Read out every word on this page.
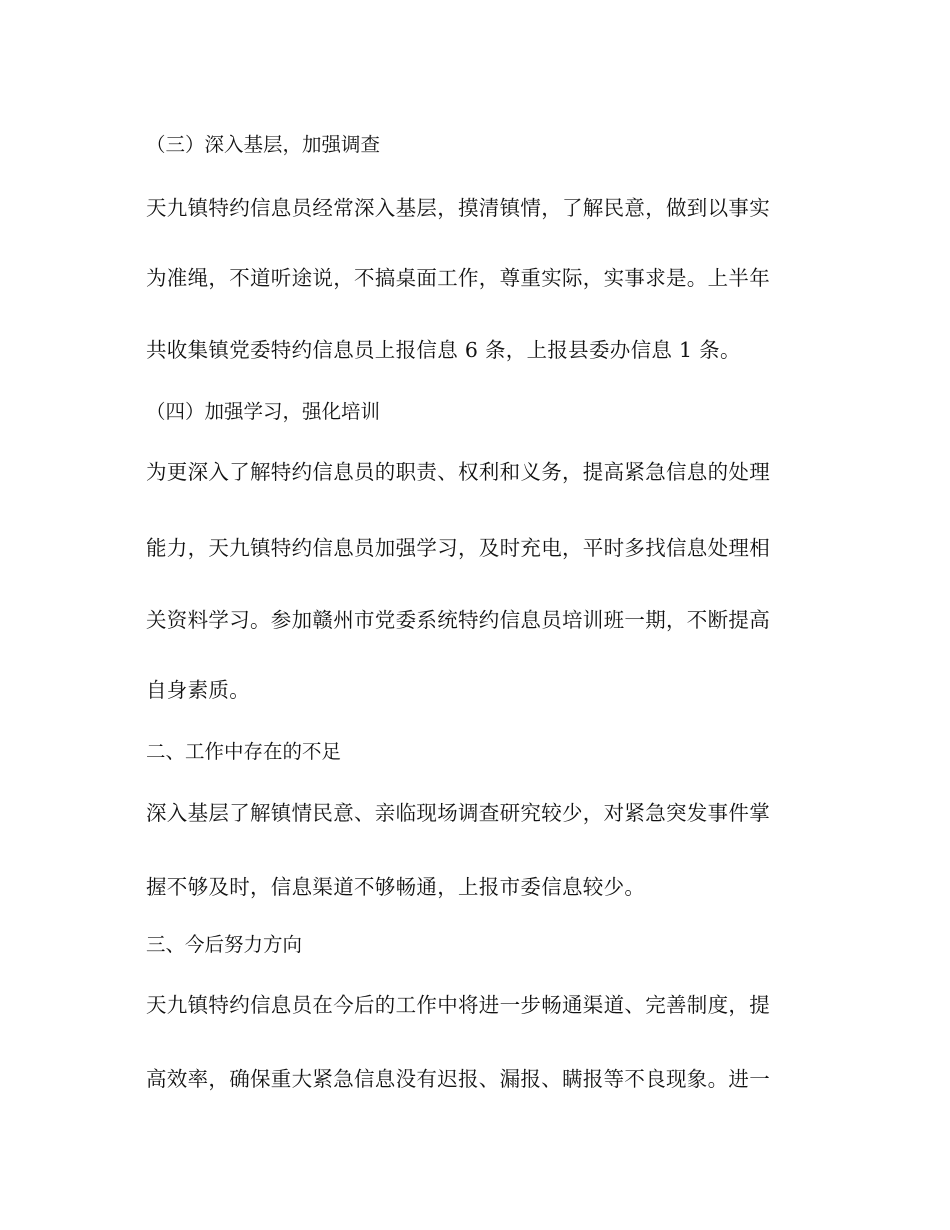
（三）深入基层，加强调查
天九镇特约信息员经常深入基层，摸清镇情，了解民意，做到以事实
为准绳，不道听途说，不搞桌面工作，尊重实际，实事求是。上半年
共收集镇党委特约信息员上报信息 6 条，上报县委办信息 1 条。
（四）加强学习，强化培训
为更深入了解特约信息员的职责、权利和义务，提高紧急信息的处理
能力，天九镇特约信息员加强学习，及时充电，平时多找信息处理相
关资料学习。参加赣州市党委系统特约信息员培训班一期，不断提高
自身素质。
二、工作中存在的不足
深入基层了解镇情民意、亲临现场调查研究较少，对紧急突发事件掌
握不够及时，信息渠道不够畅通，上报市委信息较少。
三、今后努力方向
天九镇特约信息员在今后的工作中将进一步畅通渠道、完善制度，提
高效率，确保重大紧急信息没有迟报、漏报、瞒报等不良现象。进一
